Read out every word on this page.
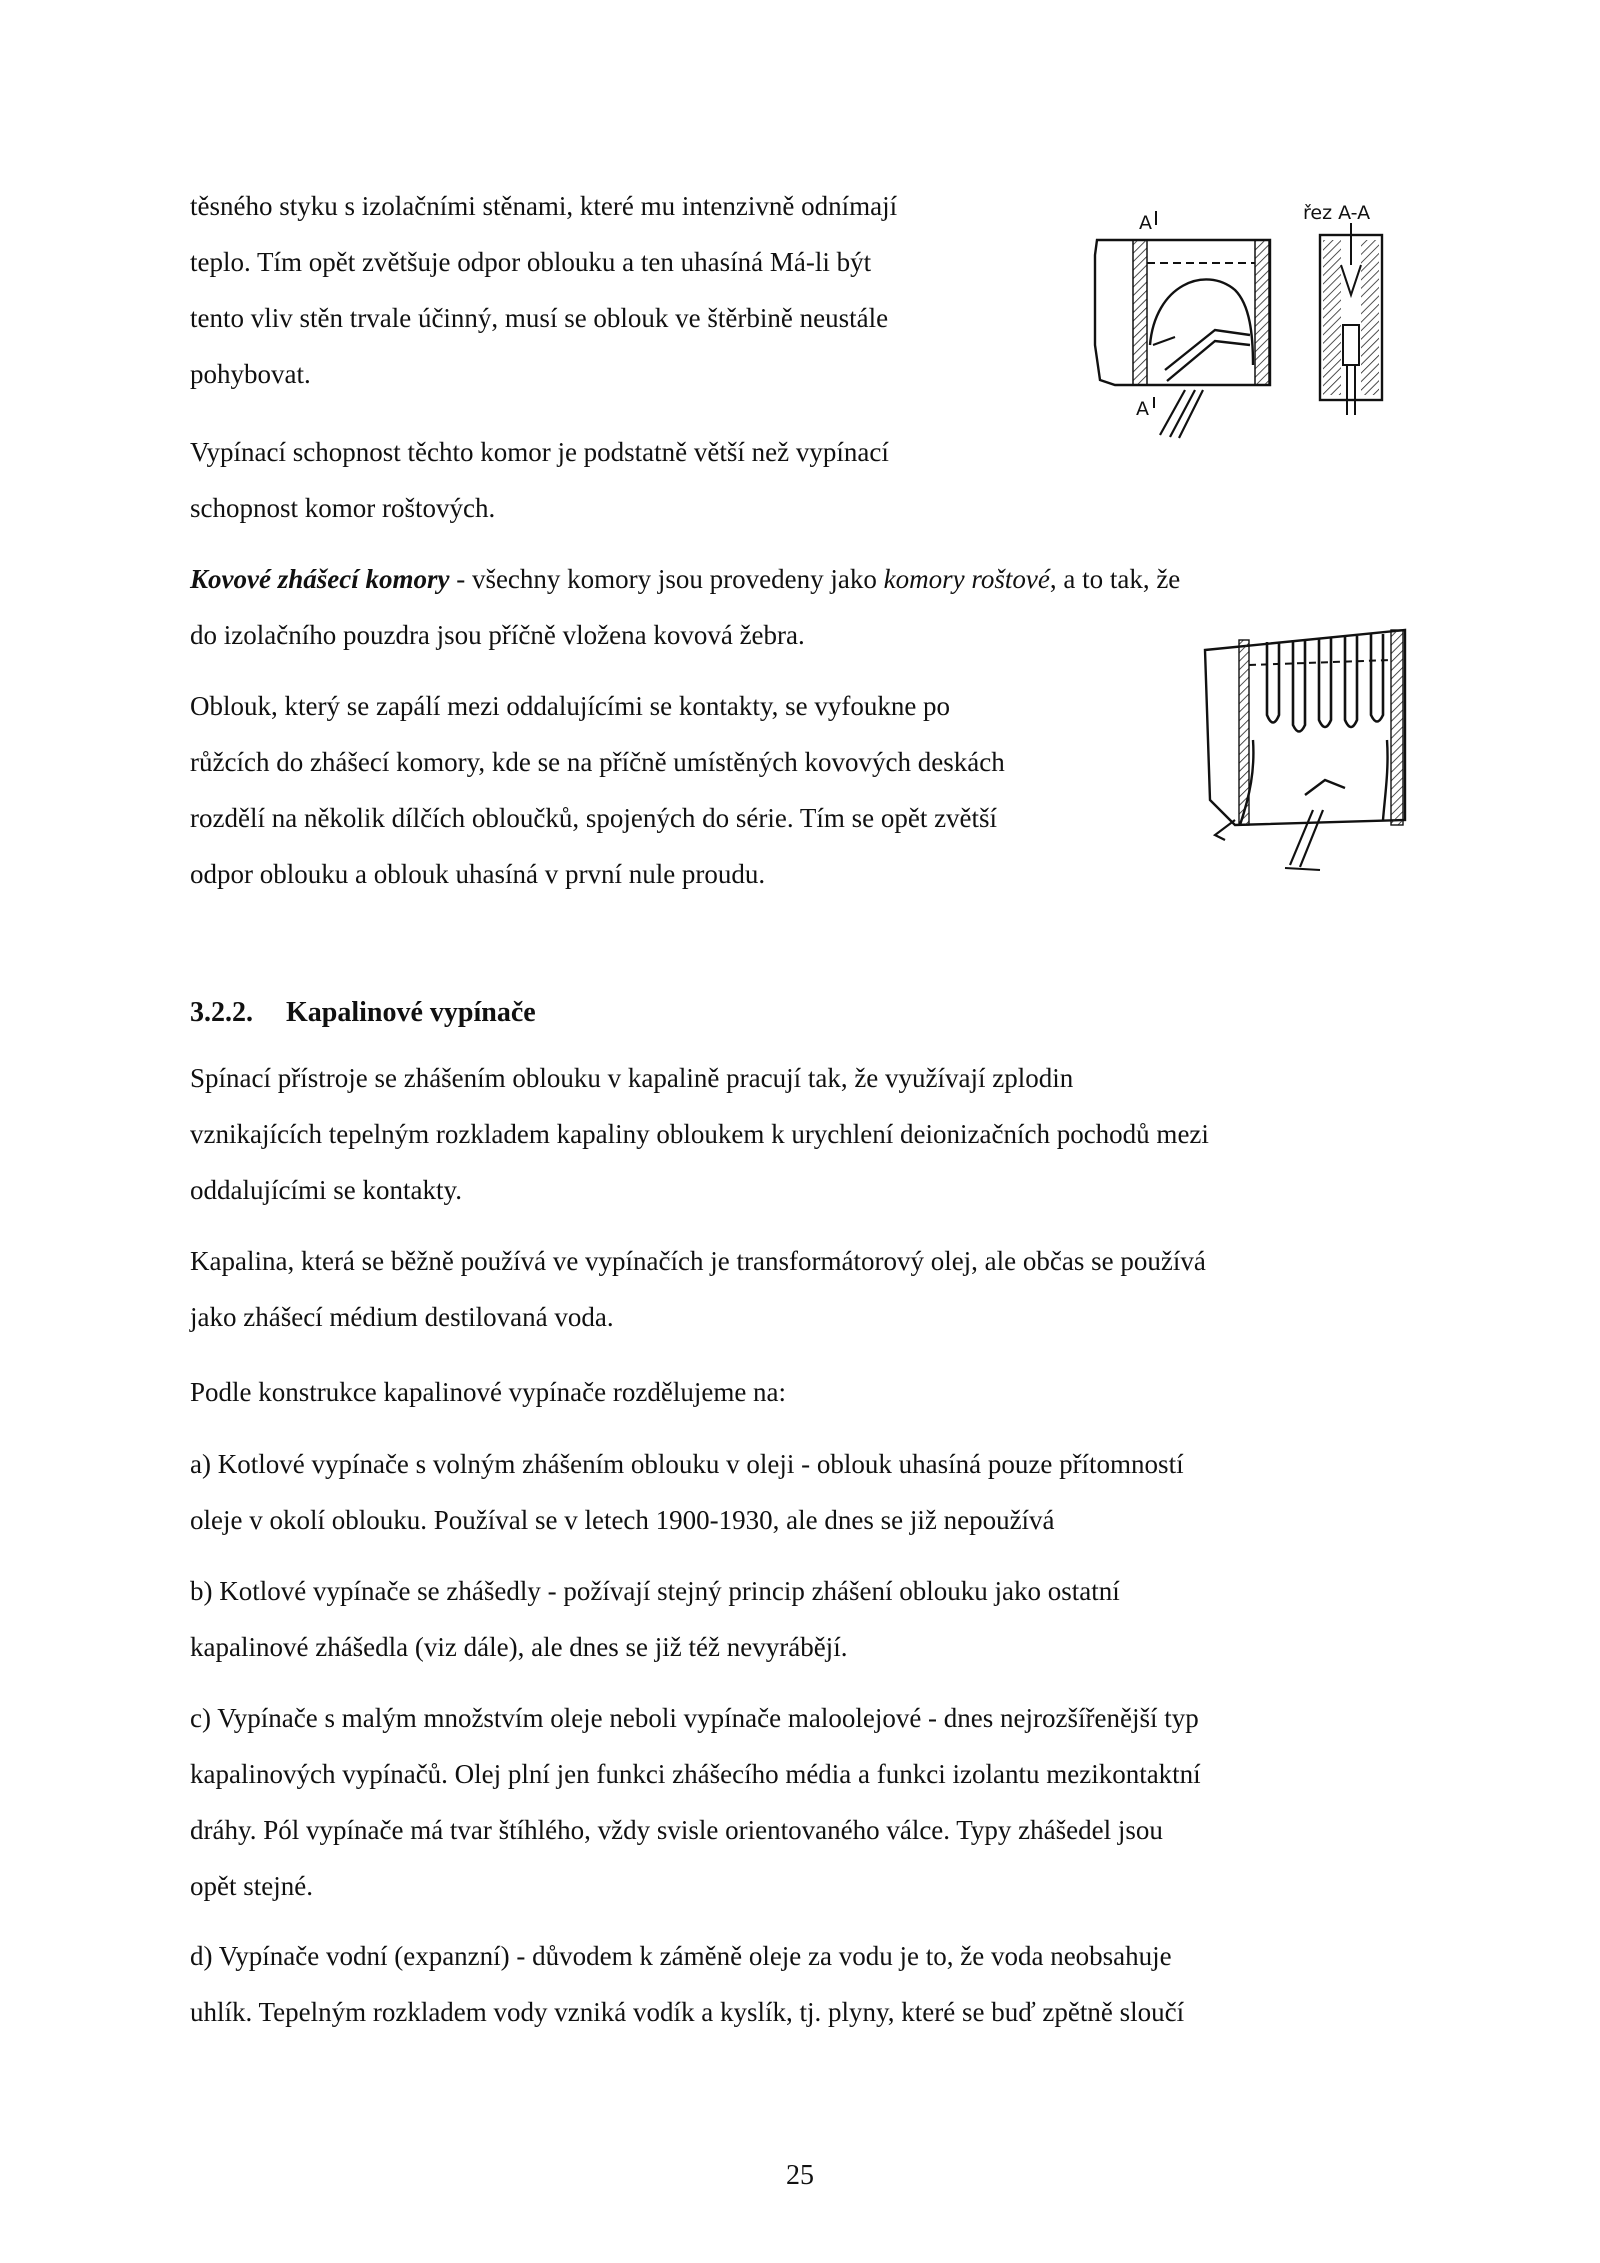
těsného styku s izolačními stěnami, které mu intenzivně odnímají
teplo. Tím opět zvětšuje odpor oblouku a ten uhasíná Má-li být
tento vliv stěn trvale účinný, musí se oblouk ve štěrbině neustále
pohybovat.
Vypínací schopnost těchto komor je podstatně větší než vypínací
schopnost komor roštových.
Kovové zhášecí komory - všechny komory jsou provedeny jako komory roštové, a to tak, že
do izolačního pouzdra jsou příčně vložena kovová žebra.
Oblouk, který se zapálí mezi oddalujícími se kontakty, se vyfoukne po
růžcích do zhášecí komory, kde se na příčně umístěných kovových deskách
rozdělí na několik dílčích obloučků, spojených do série. Tím se opět zvětší
odpor oblouku a oblouk uhasíná v první nule proudu.
A
A
řez A-A
3.2.2. Kapalinové vypínače
Spínací přístroje se zhášením oblouku v kapalině pracují tak, že využívají zplodin
vznikajících tepelným rozkladem kapaliny obloukem k urychlení deionizačních pochodů mezi
oddalujícími se kontakty.
Kapalina, která se běžně používá ve vypínačích je transformátorový olej, ale občas se používá
jako zhášecí médium destilovaná voda.
Podle konstrukce kapalinové vypínače rozdělujeme na:
a) Kotlové vypínače s volným zhášením oblouku v oleji - oblouk uhasíná pouze přítomností
oleje v okolí oblouku. Používal se v letech 1900-1930, ale dnes se již nepoužívá
b) Kotlové vypínače se zhášedly - požívají stejný princip zhášení oblouku jako ostatní
kapalinové zhášedla (viz dále), ale dnes se již též nevyrábějí.
c) Vypínače s malým množstvím oleje neboli vypínače maloolejové - dnes nejrozšířenější typ
kapalinových vypínačů. Olej plní jen funkci zhášecího média a funkci izolantu mezikontaktní
dráhy. Pól vypínače má tvar štíhlého, vždy svisle orientovaného válce. Typy zhášedel jsou
opět stejné.
d) Vypínače vodní (expanzní) - důvodem k záměně oleje za vodu je to, že voda neobsahuje
uhlík. Tepelným rozkladem vody vzniká vodík a kyslík, tj. plyny, které se buď zpětně sloučí
25
